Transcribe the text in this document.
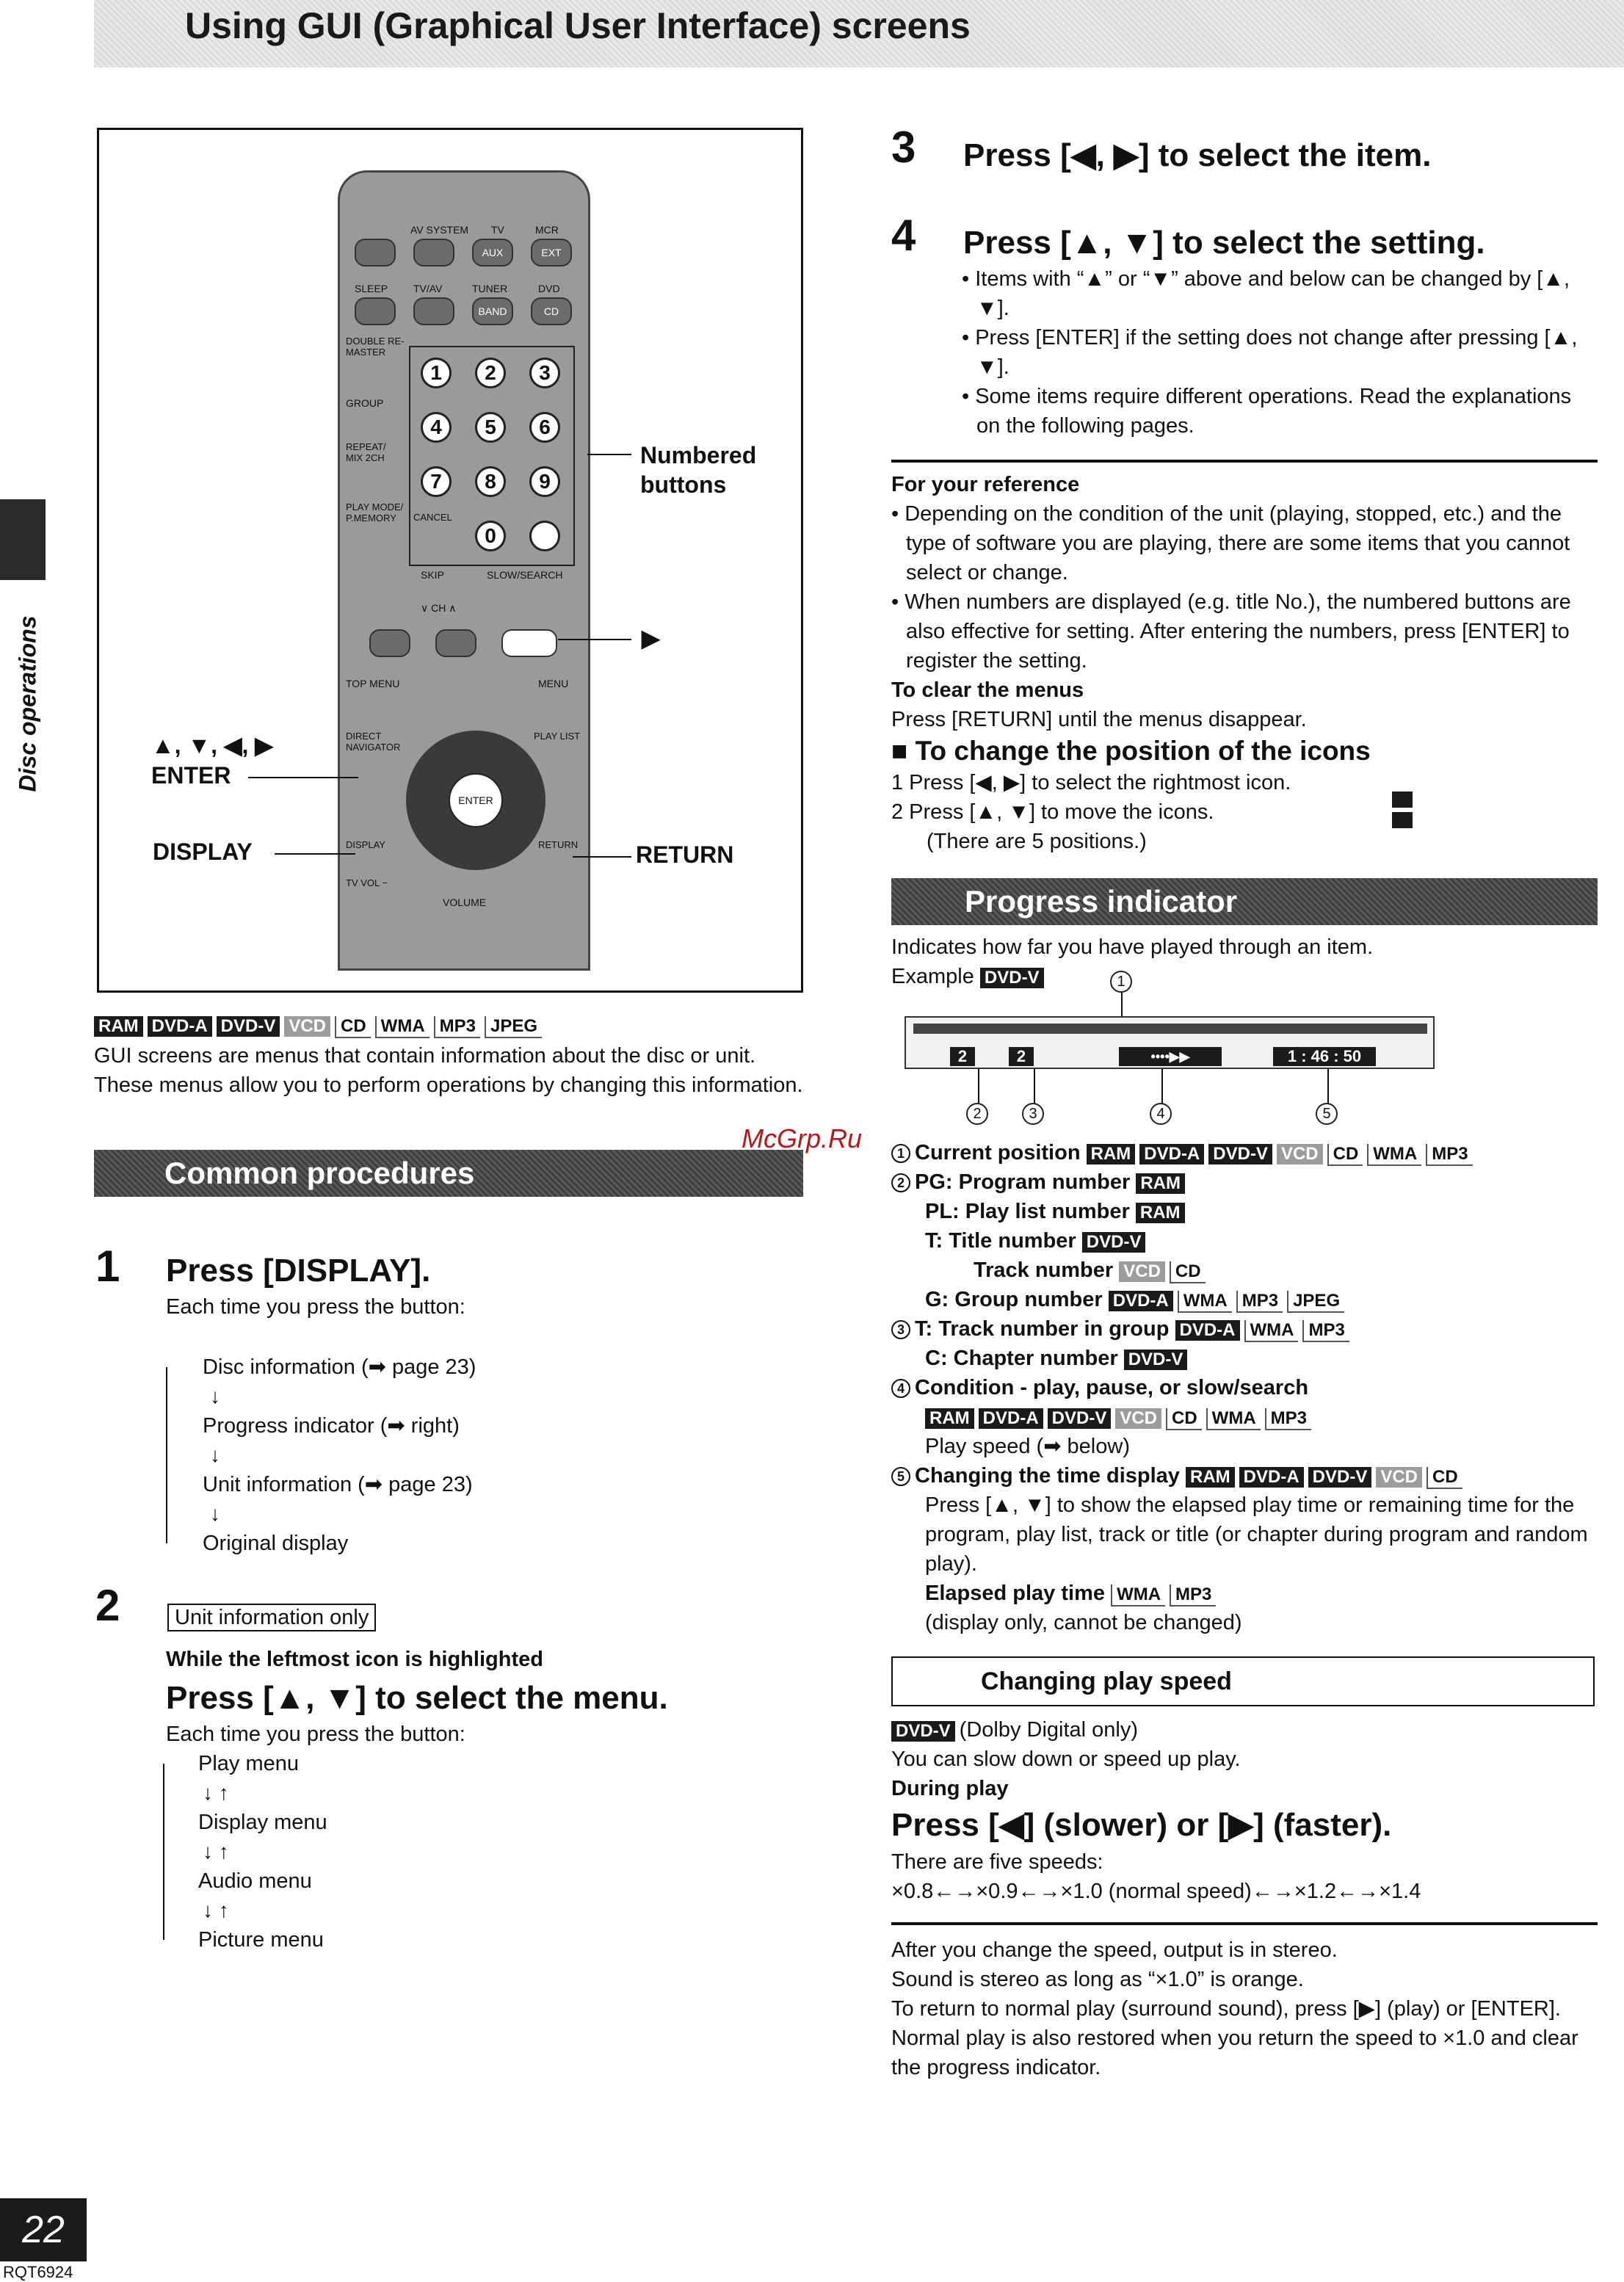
Using GUI (Graphical User Interface) screens
Disc operations
AV SYSTEM TV	MCR
AUX	EXT
SLEEP TV/AV	TUNER	DVD
BAND	CD
DOUBLE RE-MASTER
GROUP
REPEAT/ MIX 2CH
PLAY MODE/ P.MEMORY	CANCEL
1	2	3
4	5	6
7	8	9
0
SKIP	SLOW/SEARCH
∨ CH ∧
TOP MENU	MENU
DIRECT NAVIGATOR
PLAY LIST
ENTER
DISPLAY	RETURN
TV VOL −
VOLUME
Numbered
buttons
▶
▲, ▼, ◀, ▶
ENTER
DISPLAY	RETURN
RAM DVD-A DVD-V VCD CD WMA MP3 JPEG
GUI screens are menus that contain information about the disc or unit. These menus allow you to perform operations by changing this information.
Common procedures
1 Press [DISPLAY].
Each time you press the button:
Disc information (➡ page 23)
↓
Progress indicator (➡ right)
↓
Unit information (➡ page 23)
↓
Original display
2	Unit information only
While the leftmost icon is highlighted
Press [▲, ▼] to select the menu.
Each time you press the button:
Play menu
↓ ↑
Display menu
↓ ↑
Audio menu
↓ ↑
Picture menu
3 Press [◀, ▶] to select the item.
4 Press [▲, ▼] to select the setting.
• Items with “▲” or “▼” above and below can be changed by [▲, ▼].
• Press [ENTER] if the setting does not change after pressing [▲, ▼].
• Some items require different operations. Read the explanations on the following pages.
For your reference
• Depending on the condition of the unit (playing, stopped, etc.) and the type of software you are playing, there are some items that you cannot select or change.
• When numbers are displayed (e.g. title No.), the numbered buttons are also effective for setting. After entering the numbers, press [ENTER] to register the setting.
To clear the menus
Press [RETURN] until the menus disappear.
■ To change the position of the icons
1 Press [◀, ▶] to select the rightmost icon.
2 Press [▲, ▼] to move the icons.
(There are 5 positions.)
Progress indicator
Indicates how far you have played through an item.
Example DVD-V	1
2	2	••••▶▶	1 : 46 : 50
2	3	4	5
1 Current position RAM DVD-A DVD-V VCD CD WMA MP3
2 PG: Program number RAM
PL: Play list number RAM
T: Title number DVD-V
Track number VCD CD
G: Group number DVD-A WMA MP3 JPEG
3 T: Track number in group DVD-A WMA MP3
C: Chapter number DVD-V
4 Condition - play, pause, or slow/search
RAM DVD-A DVD-V VCD CD WMA MP3
Play speed (➡ below)
5 Changing the time display RAM DVD-A DVD-V VCD CD
Press [▲, ▼] to show the elapsed play time or remaining time for the program, play list, track or title (or chapter during program and random play).
Elapsed play time WMA MP3
(display only, cannot be changed)
Changing play speed
DVD-V (Dolby Digital only)
You can slow down or speed up play.
During play
Press [◀] (slower) or [▶] (faster).
There are five speeds:
×0.8←→×0.9←→×1.0 (normal speed)←→×1.2←→×1.4
After you change the speed, output is in stereo.
Sound is stereo as long as “×1.0” is orange.
To return to normal play (surround sound), press [▶] (play) or [ENTER].
Normal play is also restored when you return the speed to ×1.0 and clear the progress indicator.
McGrp.Ru
22
RQT6924
